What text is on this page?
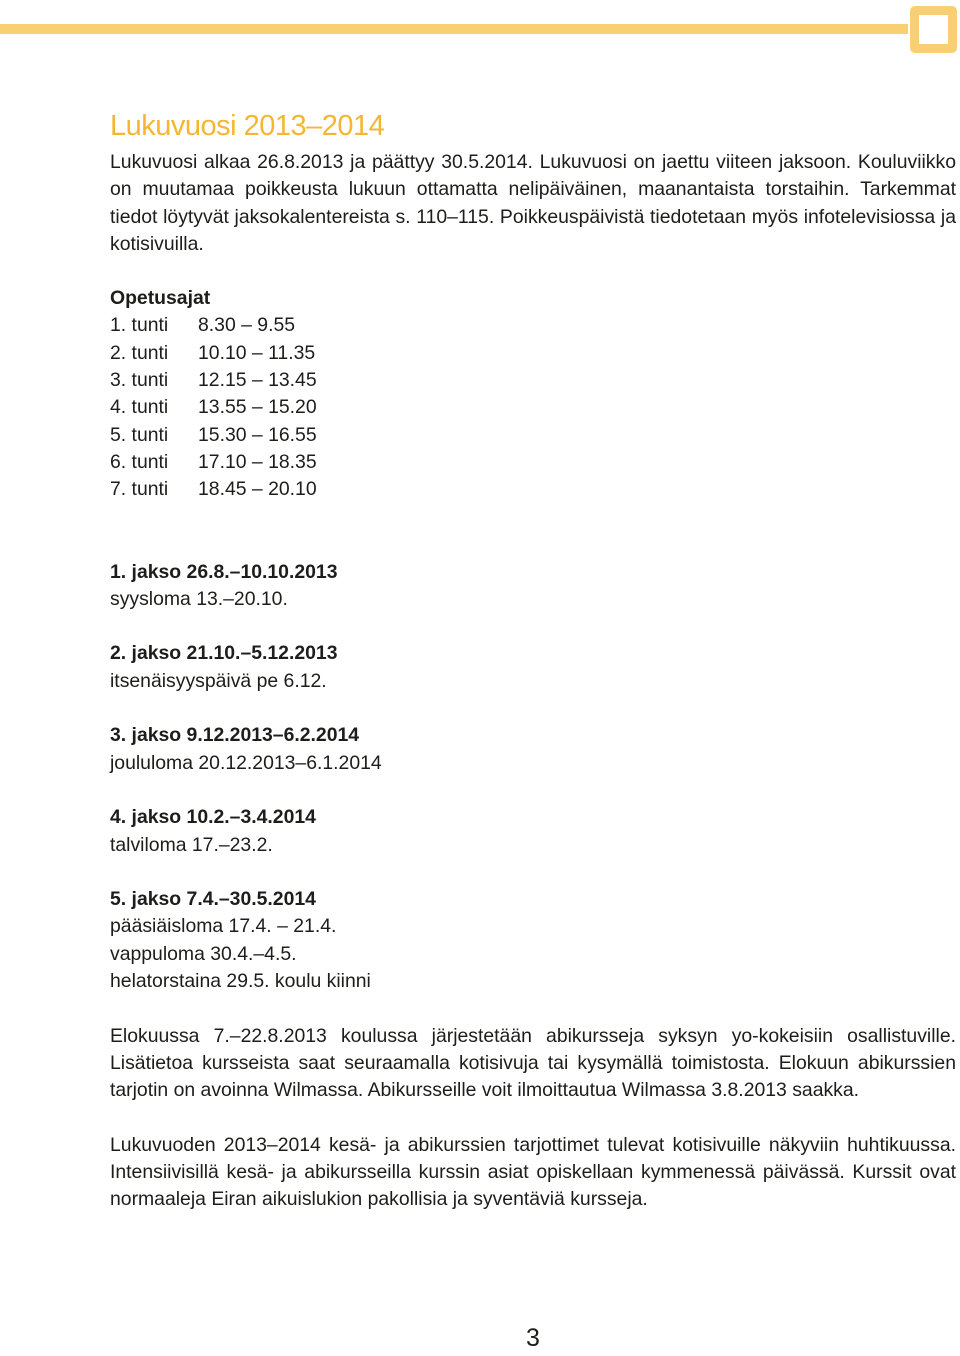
Lukuvuosi 2013–2014

Lukuvuosi alkaa 26.8.2013 ja päättyy 30.5.2014. Lukuvuosi on jaettu viiteen jaksoon. Kouluviikko on muutamaa poikkeusta lukuun ottamatta nelipäiväinen, maanantaista torstaihin. Tarkemmat tiedot löytyvät jaksokalentereista s. 110–115. Poikkeuspäivistä tiedotetaan myös infotelevisiossa ja kotisivuilla.

Opetusajat
1. tunti	8.30 – 9.55
2. tunti	10.10 – 11.35
3. tunti	12.15 – 13.45
4. tunti	13.55 – 15.20
5. tunti	15.30 – 16.55
6. tunti	17.10 – 18.35
7. tunti	18.45 – 20.10
1. jakso 26.8.–10.10.2013
syysloma 13.–20.10.
2. jakso 21.10.–5.12.2013
itsenäisyyspäivä pe 6.12.
3. jakso 9.12.2013–6.2.2014
joululoma 20.12.2013–6.1.2014
4. jakso 10.2.–3.4.2014
talviloma 17.–23.2.
5. jakso 7.4.–30.5.2014
pääsiäisloma 17.4. – 21.4.
vappuloma 30.4.–4.5.
helatorstaina 29.5. koulu kiinni

Elokuussa 7.–22.8.2013 koulussa järjestetään abikursseja syksyn yo-kokeisiin osallistuville. Lisätietoa kursseista saat seuraamalla kotisivuja tai kysymällä toimistosta. Elokuun abikurssien tarjotin on avoinna Wilmassa. Abikursseille voit ilmoittautua Wilmassa 3.8.2013 saakka.

Lukuvuoden 2013–2014 kesä- ja abikurssien tarjottimet tulevat kotisivuille näkyviin huhtikuussa. Intensiivisillä kesä- ja abikursseilla kurssin asiat opiskellaan kymmenessä päivässä. Kurssit ovat normaaleja Eiran aikuislukion pakollisia ja syventäviä kursseja.

3
